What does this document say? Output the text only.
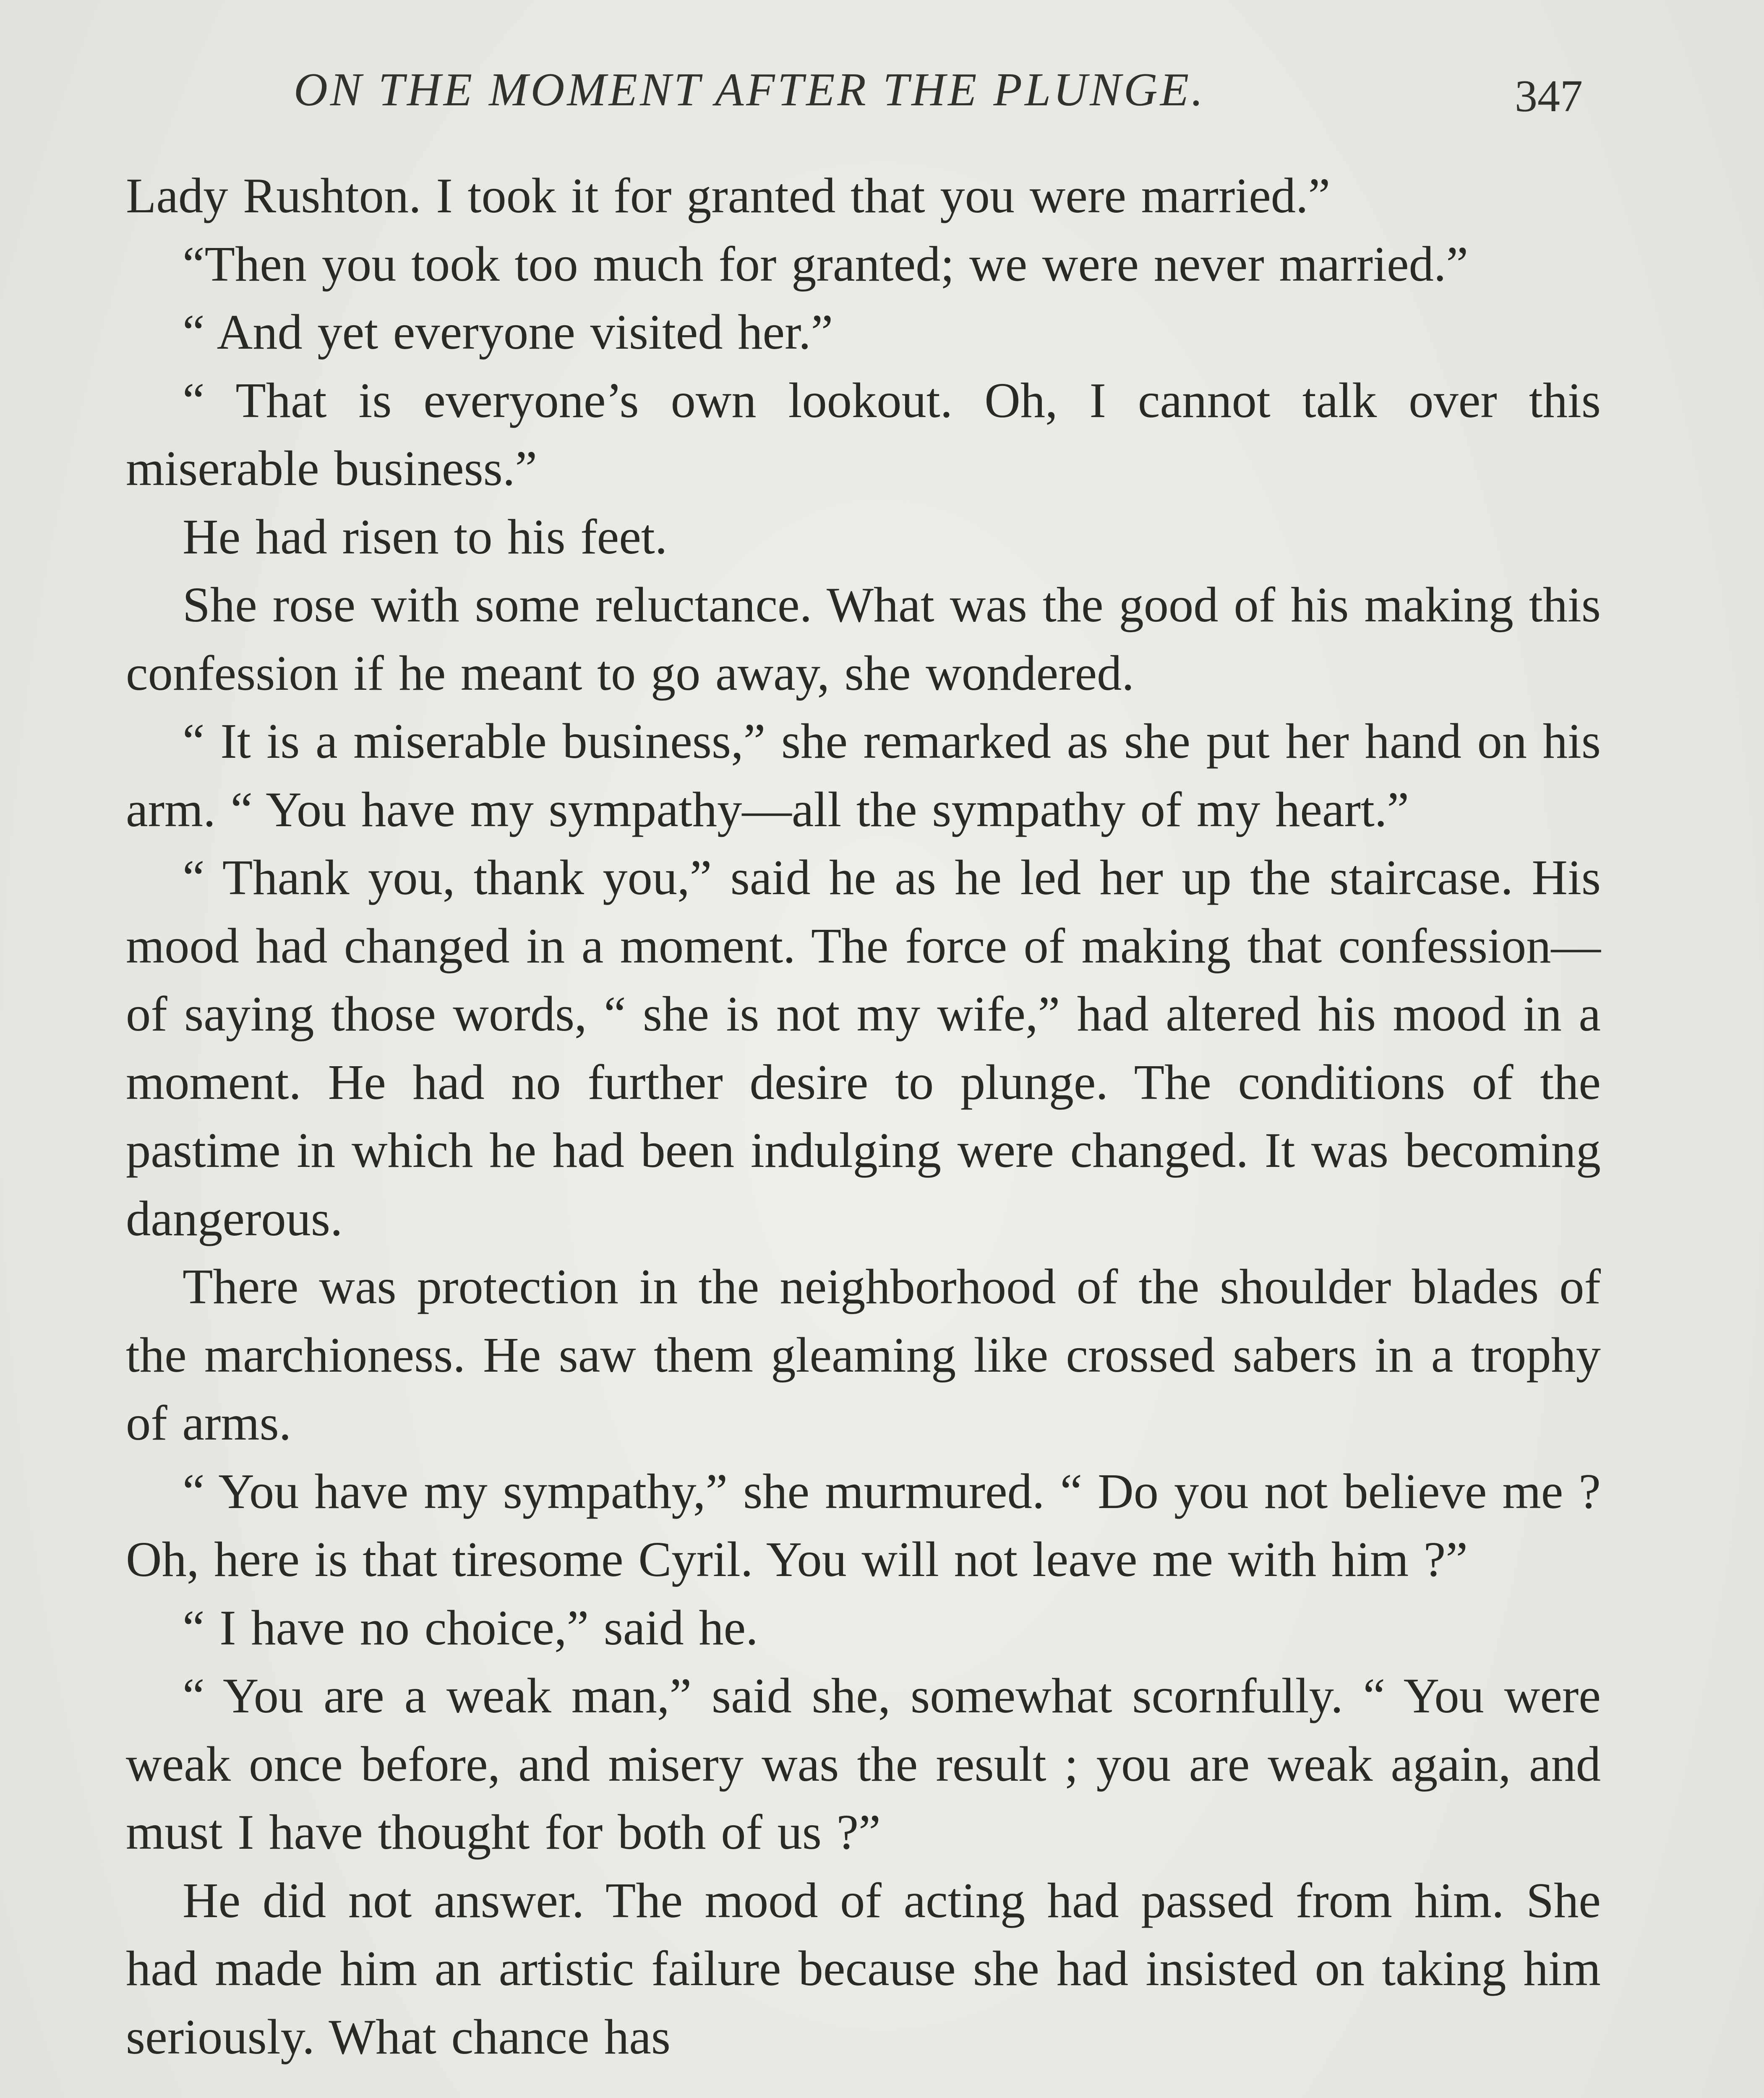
ON THE MOMENT AFTER THE PLUNGE.	347

Lady Rushton. I took it for granted that you were married.”

“Then you took too much for granted; we were never married.”

“ And yet everyone visited her.”

“ That is everyone’s own lookout. Oh, I cannot talk over this miserable business.”

He had risen to his feet.

She rose with some reluctance. What was the good of his making this confession if he meant to go away, she wondered.

“ It is a miserable business,” she remarked as she put her hand on his arm. “ You have my sympathy—all the sympathy of my heart.”

“ Thank you, thank you,” said he as he led her up the staircase. His mood had changed in a moment. The force of making that confession—of saying those words, “ she is not my wife,” had altered his mood in a moment. He had no further desire to plunge. The conditions of the pastime in which he had been indulging were changed. It was becoming dangerous.

There was protection in the neighborhood of the shoulder blades of the marchioness. He saw them gleaming like crossed sabers in a trophy of arms.

“ You have my sympathy,” she murmured. “ Do you not believe me ? Oh, here is that tiresome Cyril. You will not leave me with him ?”

“ I have no choice,” said he.

“ You are a weak man,” said she, somewhat scornfully. “ You were weak once before, and misery was the result ; you are weak again, and must I have thought for both of us ?”

He did not answer. The mood of acting had passed from him. She had made him an artistic failure because she had insisted on taking him seriously. What chance has
